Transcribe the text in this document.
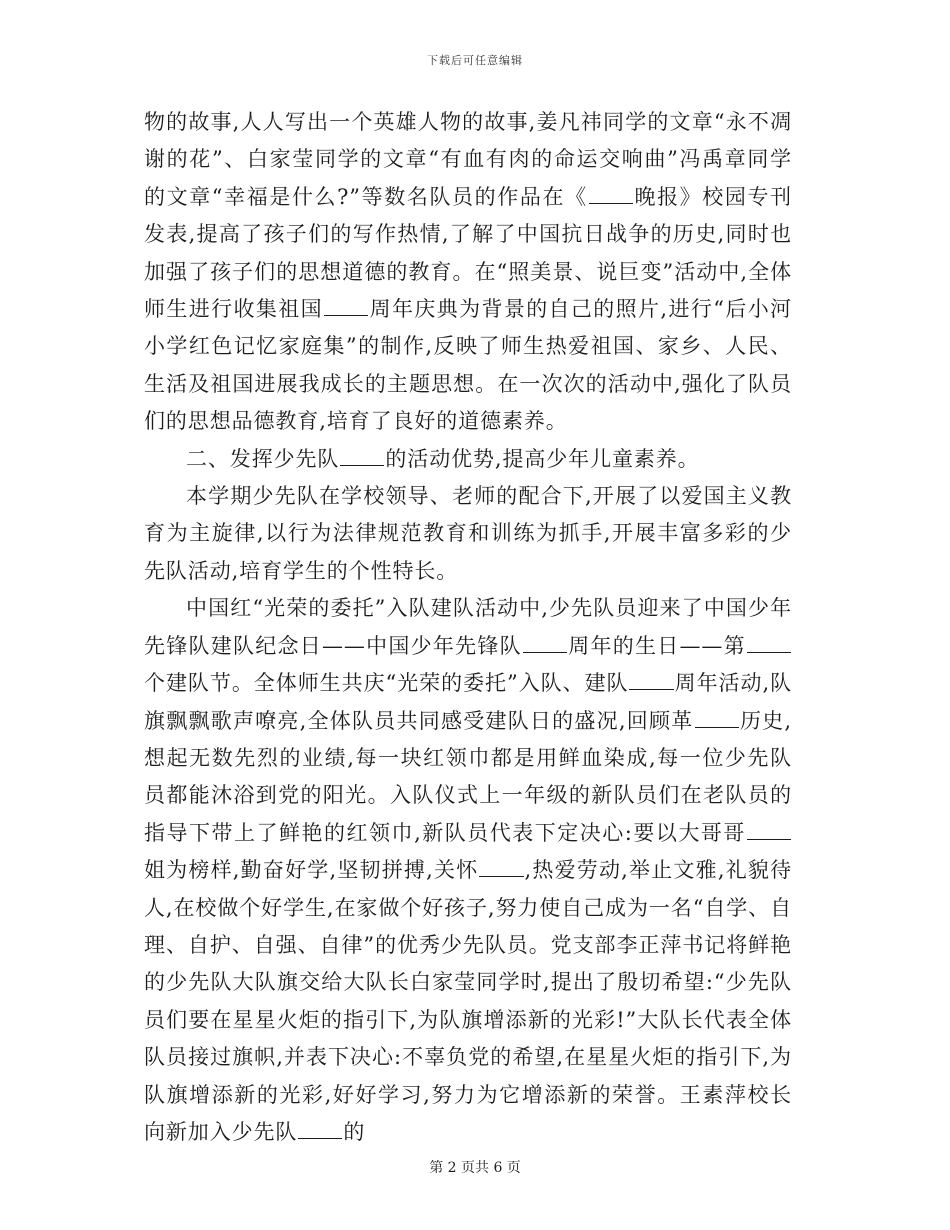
下载后可任意编辑

物的故事,人人写出一个英雄人物的故事,姜凡祎同学的文章“永不凋谢的花”、白家莹同学的文章“有血有肉的命运交响曲”冯禹章同学的文章“幸福是什么?”等数名队员的作品在《 晚报》校园专刊发表,提高了孩子们的写作热情,了解了中国抗日战争的历史,同时也加强了孩子们的思想道德的教育。在“照美景、说巨变”活动中,全体师生进行收集祖国 周年庆典为背景的自己的照片,进行“后小河小学红色记忆家庭集”的制作,反映了师生热爱祖国、家乡、人民、生活及祖国进展我成长的主题思想。在一次次的活动中,强化了队员们的思想品德教育,培育了良好的道德素养。

二、发挥少先队 的活动优势,提高少年儿童素养。

本学期少先队在学校领导、老师的配合下,开展了以爱国主义教育为主旋律,以行为法律规范教育和训练为抓手,开展丰富多彩的少先队活动,培育学生的个性特长。

中国红“光荣的委托”入队建队活动中,少先队员迎来了中国少年先锋队建队纪念日——中国少年先锋队 周年的生日——第个建队节。全体师生共庆“光荣的委托”入队、建队 周年活动,队旗飘飘歌声嘹亮,全体队员共同感受建队日的盛况,回顾革 历史,想起无数先烈的业绩,每一块红领巾都是用鲜血染成,每一位少先队员都能沐浴到党的阳光。入队仪式上一年级的新队员们在老队员的指导下带上了鲜艳的红领巾,新队员代表下定决心:要以大哥哥姐为榜样,勤奋好学,坚韧拼搏,关怀 ,热爱劳动,举止文雅,礼貌待人,在校做个好学生,在家做个好孩子,努力使自己成为一名“自学、自理、自护、自强、自律”的优秀少先队员。党支部李正萍书记将鲜艳的少先队大队旗交给大队长白家莹同学时,提出了殷切希望:“少先队员们要在星星火炬的指引下,为队旗增添新的光彩!”大队长代表全体队员接过旗帜,并表下决心:不辜负党的希望,在星星火炬的指引下,为队旗增添新的光彩,好好学习,努力为它增添新的荣誉。王素萍校长向新加入少先队 的

第 2 页共 6 页
